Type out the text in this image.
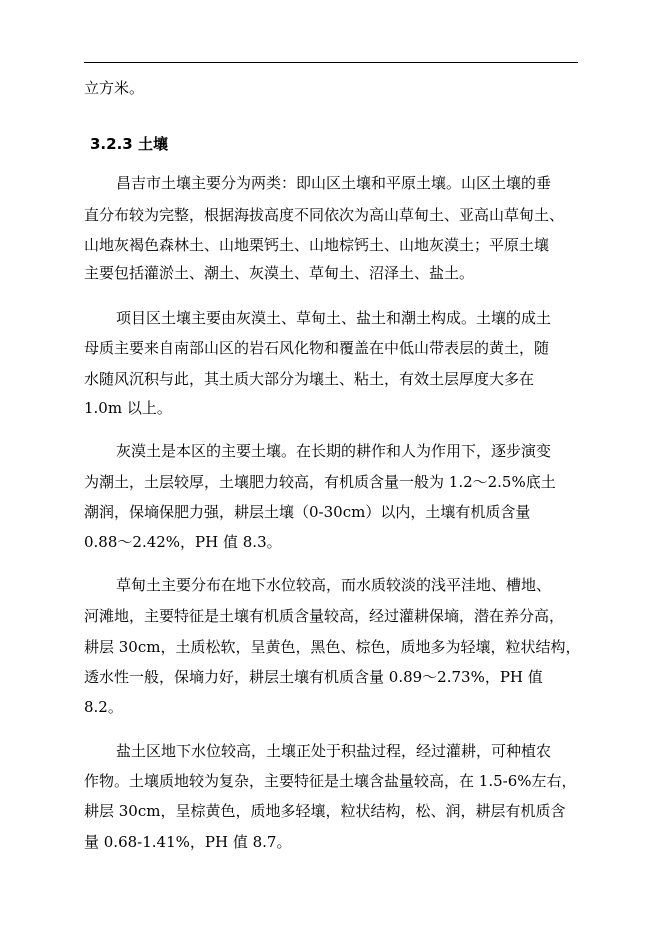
立方米。
3.2.3 土壤
昌吉市土壤主要分为两类：即山区土壤和平原土壤。山区土壤的垂
直分布较为完整，根据海拔高度不同依次为高山草甸土、亚高山草甸土、
山地灰褐色森林土、山地栗钙土、山地棕钙土、山地灰漠土；平原土壤
主要包括灌淤土、潮土、灰漠土、草甸土、沼泽土、盐土。
项目区土壤主要由灰漠土、草甸土、盐土和潮土构成。土壤的成土
母质主要来自南部山区的岩石风化物和覆盖在中低山带表层的黄土，随
水随风沉积与此，其土质大部分为壤土、粘土，有效土层厚度大多在
1.0m 以上。
灰漠土是本区的主要土壤。在长期的耕作和人为作用下，逐步演变
为潮土，土层较厚，土壤肥力较高，有机质含量一般为 1.2～2.5%底土
潮润，保墒保肥力强，耕层土壤（0-30cm）以内，土壤有机质含量
0.88～2.42%，PH 值 8.3。
草甸土主要分布在地下水位较高，而水质较淡的浅平洼地、槽地、
河滩地，主要特征是土壤有机质含量较高，经过灌耕保墒，潜在养分高，
耕层 30cm，土质松软，呈黄色，黑色、棕色，质地多为轻壤，粒状结构，
透水性一般，保墒力好，耕层土壤有机质含量 0.89～2.73%，PH 值
8.2。
盐土区地下水位较高，土壤正处于积盐过程，经过灌耕，可种植农
作物。土壤质地较为复杂，主要特征是土壤含盐量较高，在 1.5-6%左右，
耕层 30cm，呈棕黄色，质地多轻壤，粒状结构，松、润，耕层有机质含
量 0.68-1.41%，PH 值 8.7。
